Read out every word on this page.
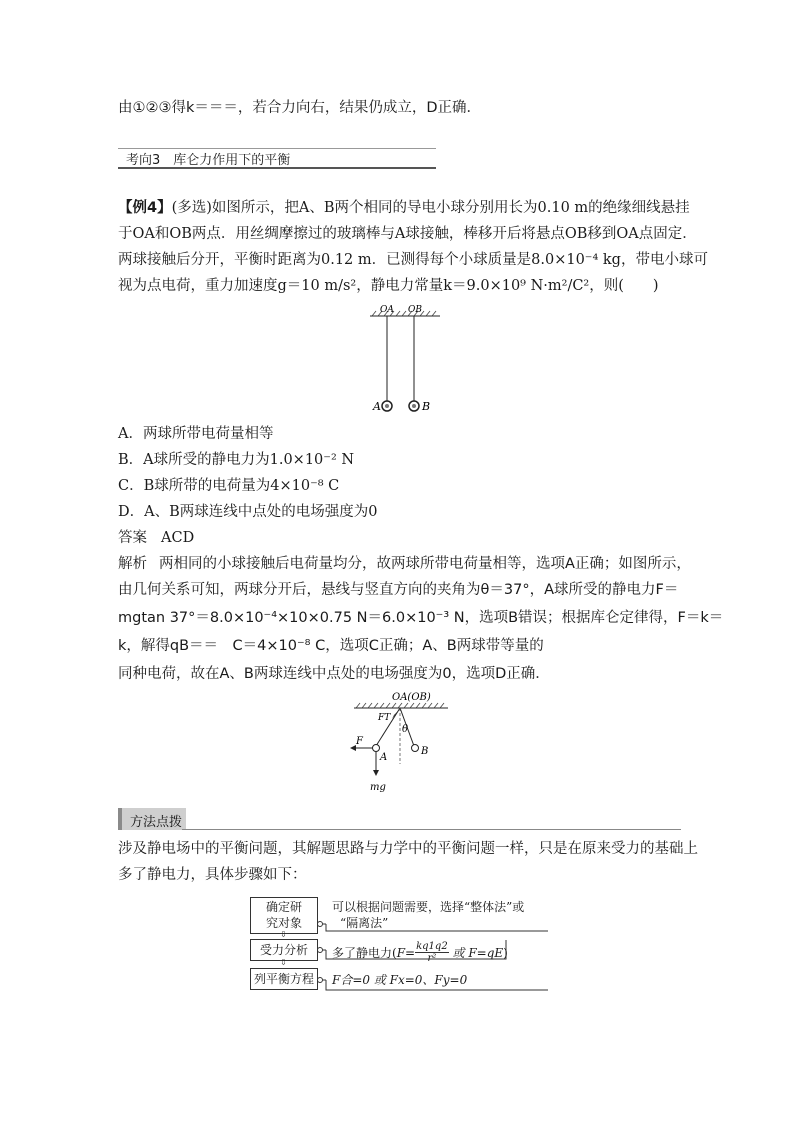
由①②③得k＝＝＝，若合力向右，结果仍成立，D正确．
考向3　库仑力作用下的平衡
【例4】(多选)如图所示，把A、B两个相同的导电小球分别用长为0.10 m的绝缘细线悬挂
于OA和OB两点．用丝绸摩擦过的玻璃棒与A球接触，棒移开后将悬点OB移到OA点固定．
两球接触后分开，平衡时距离为0.12 m．已测得每个小球质量是8.0×10⁻⁴ kg，带电小球可
视为点电荷，重力加速度g＝10 m/s²，静电力常量k＝9.0×10⁹ N·m²/C²，则(　　)
OA OB
A	B
A．两球所带电荷量相等
B．A球所受的静电力为1.0×10⁻² N
C．B球所带的电荷量为4×10⁻⁸ C
D．A、B两球连线中点处的电场强度为0
答案 ACD
解析 两相同的小球接触后电荷量均分，故两球所带电荷量相等，选项A正确；如图所示，
由几何关系可知，两球分开后，悬线与竖直方向的夹角为θ＝37°，A球所受的静电力F＝
mgtan 37°＝8.0×10⁻⁴×10×0.75 N＝6.0×10⁻³ N，选项B错误；根据库仑定律得，F＝k＝
k，解得qB＝＝　C＝4×10⁻⁸ C，选项C正确；A、B两球带等量的
同种电荷，故在A、B两球连线中点处的电场强度为0，选项D正确．
OA(OB)
FT
θ
F
A
B
mg
方法点拨
涉及静电场中的平衡问题，其解题思路与力学中的平衡问题一样，只是在原来受力的基础上
多了静电力，具体步骤如下：
确定研
究对象
可以根据问题需要，选择“整体法”或
“隔离法”
⇩
受力分析	多了静电力($F= \frac{kq1q2}{\text{r²}}$ 或 F=qE)
⇩
列平衡方程	F合=0 或 Fx=0、Fy=0
